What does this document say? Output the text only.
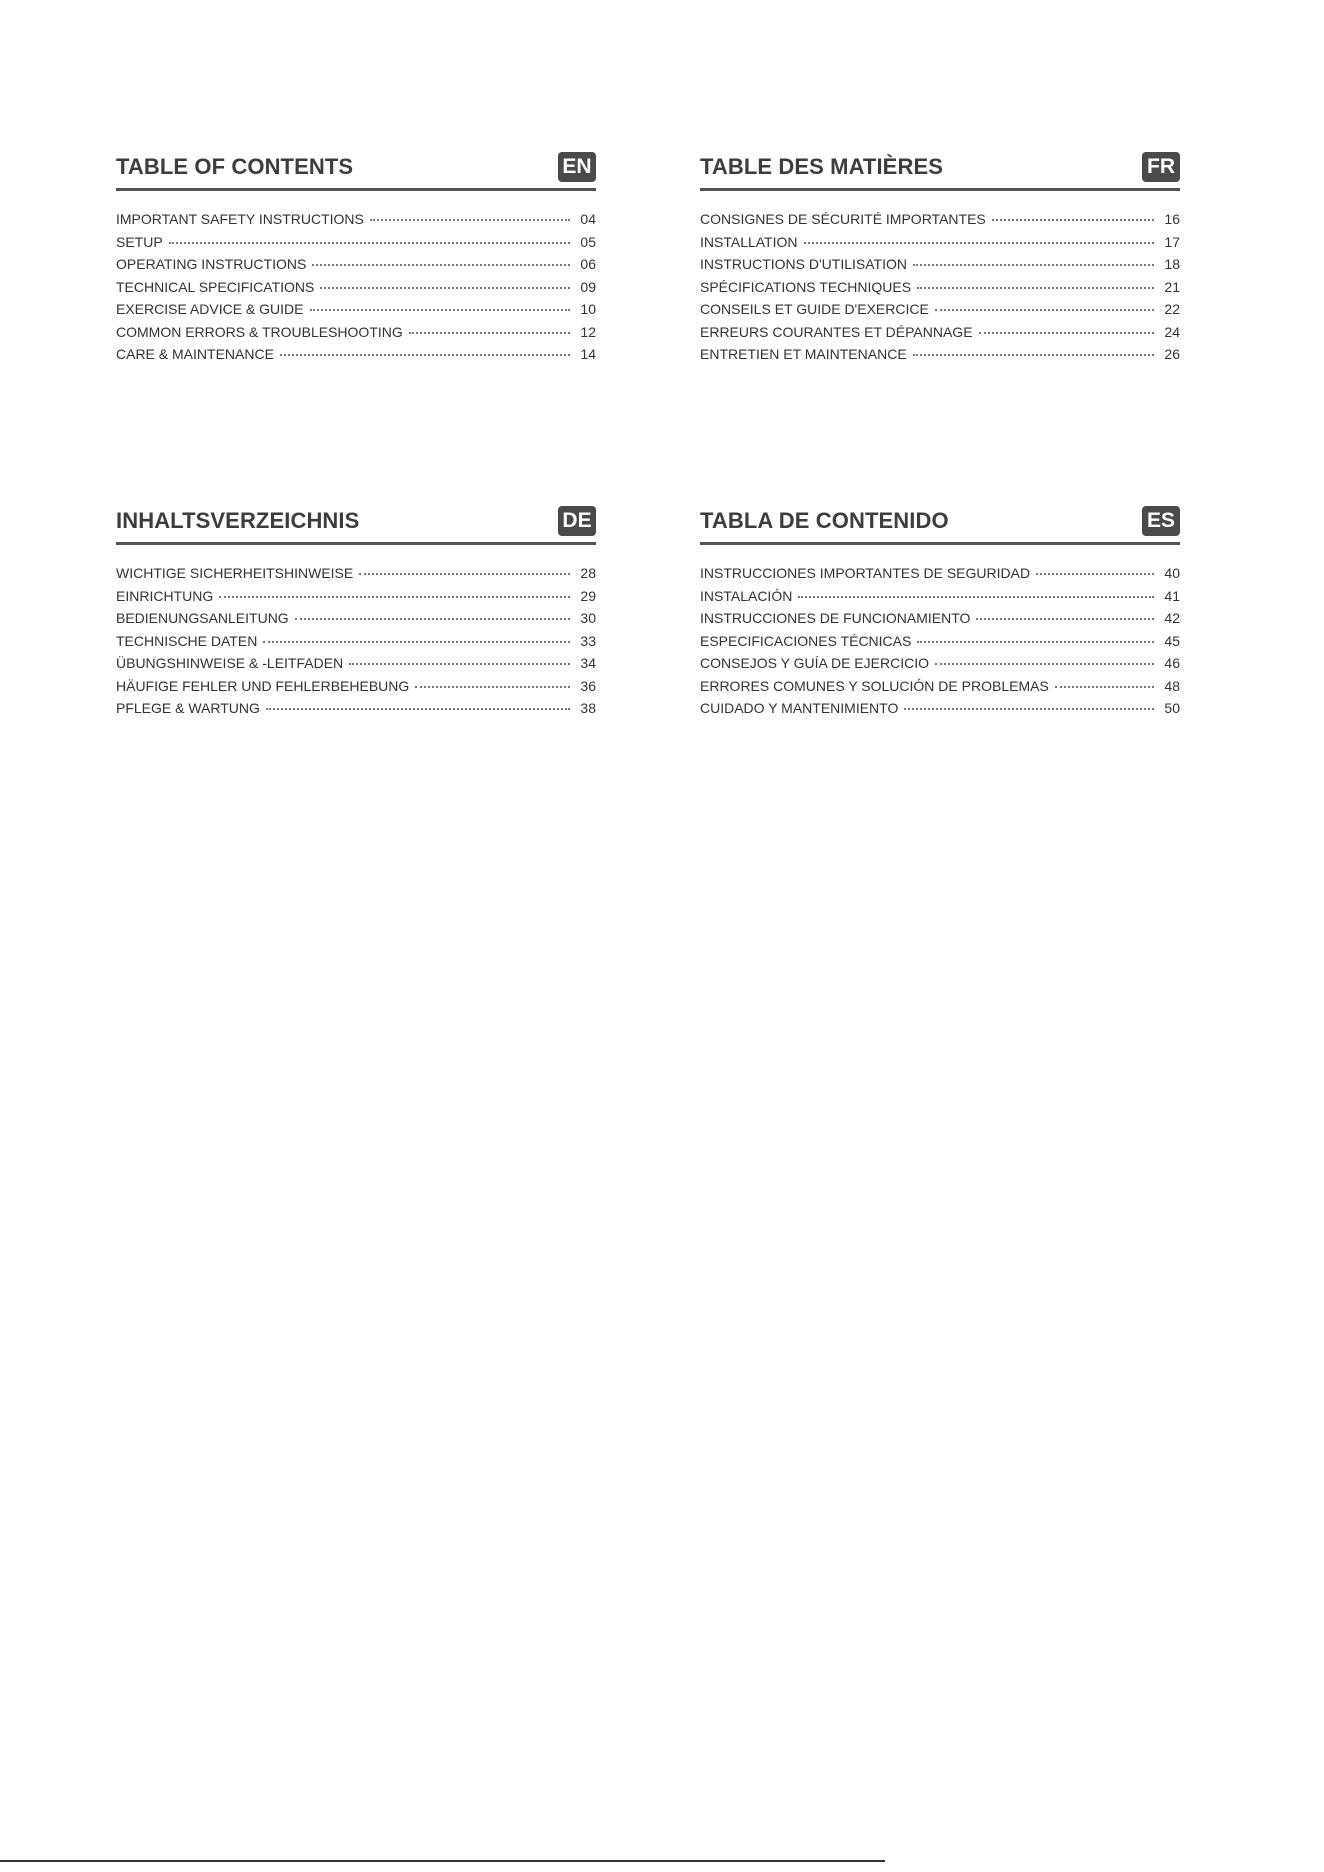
TABLE OF CONTENTS	EN
IMPORTANT SAFETY INSTRUCTIONS	04
SETUP	05
OPERATING INSTRUCTIONS	06
TECHNICAL SPECIFICATIONS	09
EXERCISE ADVICE & GUIDE	10
COMMON ERRORS & TROUBLESHOOTING	12
CARE & MAINTENANCE	14
TABLE DES MATIÈRES	FR
CONSIGNES DE SÉCURITÉ IMPORTANTES	16
INSTALLATION	17
INSTRUCTIONS D'UTILISATION	18
SPÉCIFICATIONS TECHNIQUES	21
CONSEILS ET GUIDE D'EXERCICE	22
ERREURS COURANTES ET DÉPANNAGE	24
ENTRETIEN ET MAINTENANCE	26
INHALTSVERZEICHNIS	DE
WICHTIGE SICHERHEITSHINWEISE	28
EINRICHTUNG	29
BEDIENUNGSANLEITUNG	30
TECHNISCHE DATEN	33
ÜBUNGSHINWEISE & -LEITFADEN	34
HÄUFIGE FEHLER UND FEHLERBEHEBUNG	36
PFLEGE & WARTUNG	38
TABLA DE CONTENIDO	ES
INSTRUCCIONES IMPORTANTES DE SEGURIDAD	40
INSTALACIÓN	41
INSTRUCCIONES DE FUNCIONAMIENTO	42
ESPECIFICACIONES TÉCNICAS	45
CONSEJOS Y GUÍA DE EJERCICIO	46
ERRORES COMUNES Y SOLUCIÓN DE PROBLEMAS	48
CUIDADO Y MANTENIMIENTO	50
